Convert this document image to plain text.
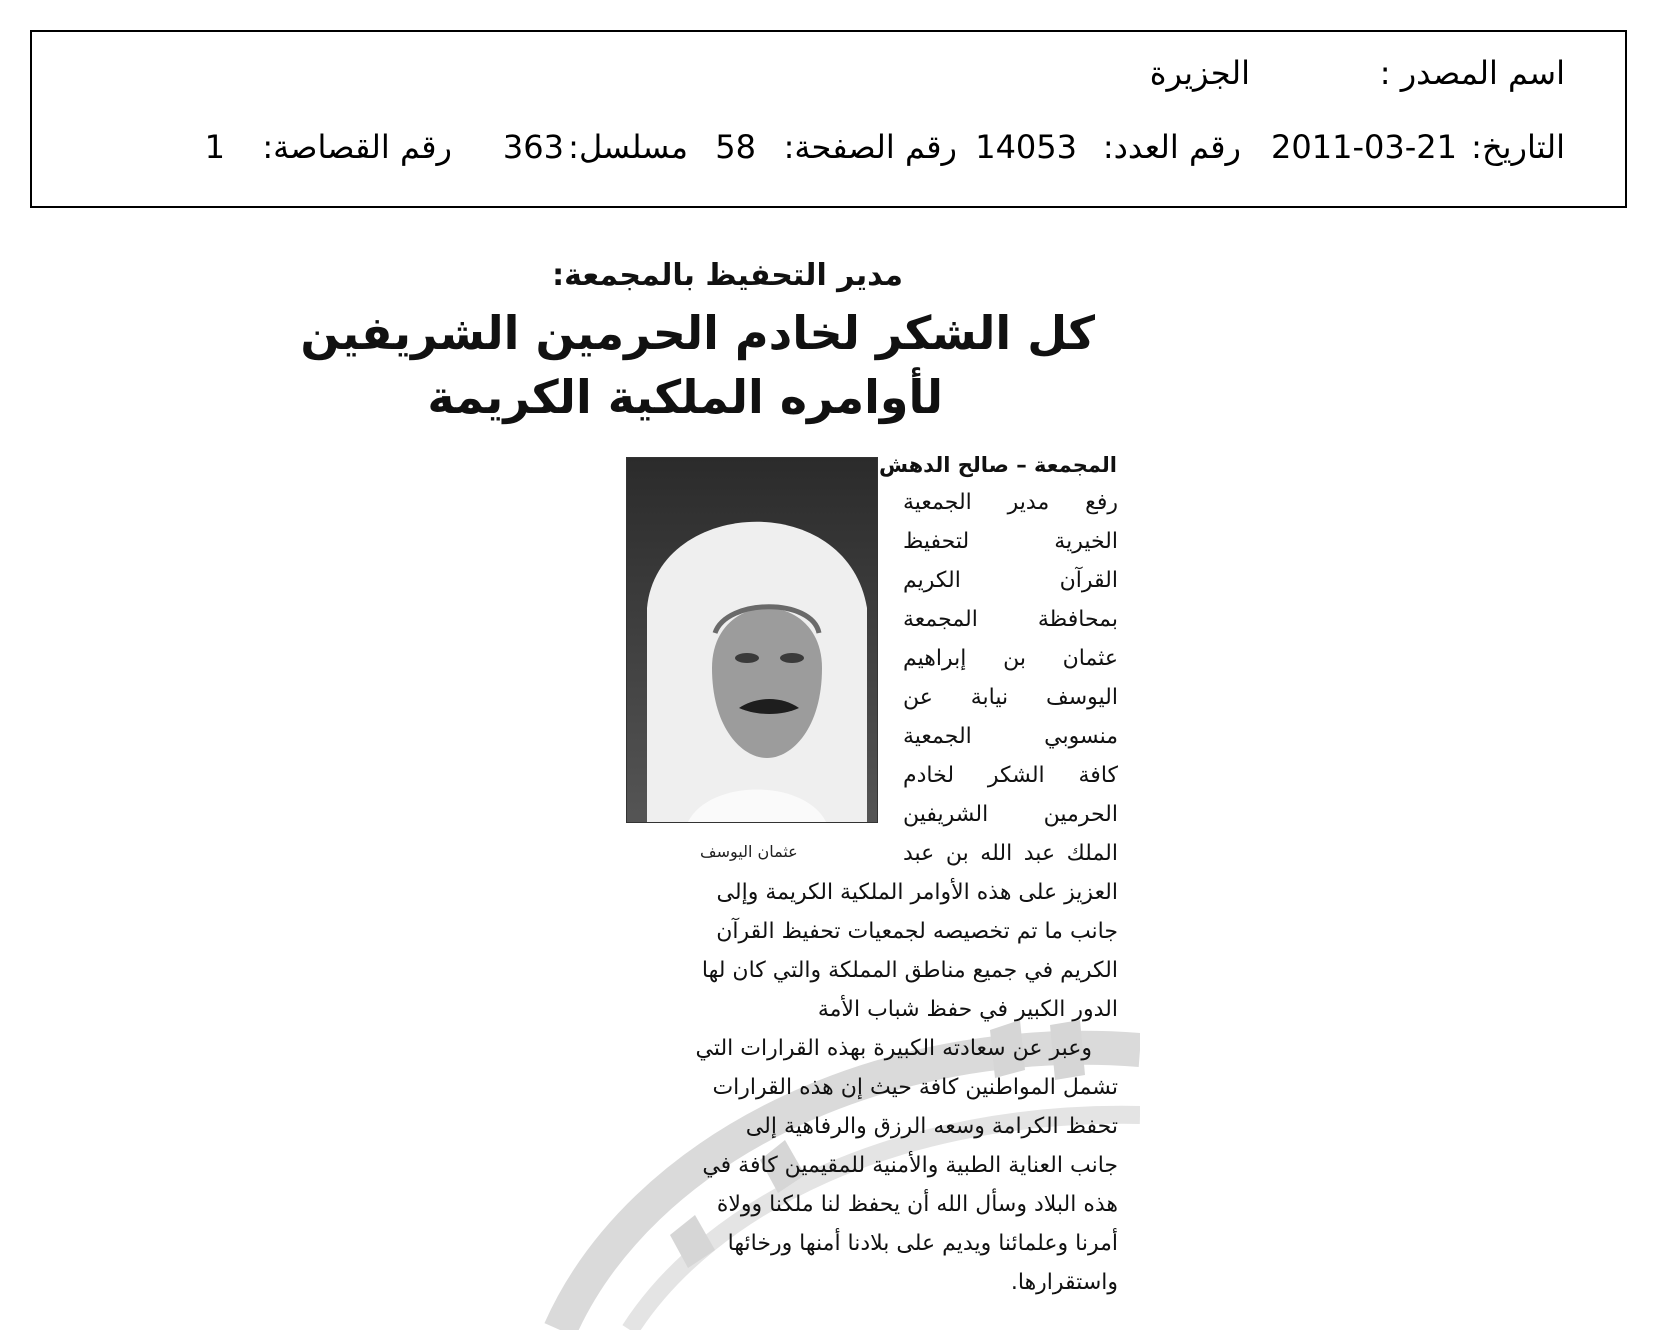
اسم المصدر :
الجزيرة
التاريخ:
2011-03-21
رقم العدد:
14053
رقم الصفحة:
58
مسلسل:
363
رقم القصاصة:
1
مدير التحفيظ بالمجمعة:
كل الشكر لخادم الحرمين الشريفين
لأوامره الملكية الكريمة
المجمعة – صالح الدهش
عثمان اليوسف
رفع مدير الجمعية
الخيرية لتحفيظ
القرآن الكريم
بمحافظة المجمعة
عثمان بن إبراهيم
اليوسف نيابة عن
منسوبي الجمعية
كافة الشكر لخادم
الحرمين الشريفين
الملك عبد الله بن عبد
العزيز على هذه الأوامر الملكية الكريمة وإلى
جانب ما تم تخصيصه لجمعيات تحفيظ القرآن
الكريم في جميع مناطق المملكة والتي كان لها
الدور الكبير في حفظ شباب الأمة
وعبر عن سعادته الكبيرة بهذه القرارات التي
تشمل المواطنين كافة حيث إن هذه القرارات
تحفظ الكرامة وسعه الرزق والرفاهية إلى
جانب العناية الطبية والأمنية للمقيمين كافة في
هذه البلاد وسأل الله أن يحفظ لنا ملكنا وولاة
أمرنا وعلمائنا ويديم على بلادنا أمنها ورخائها
واستقرارها.
